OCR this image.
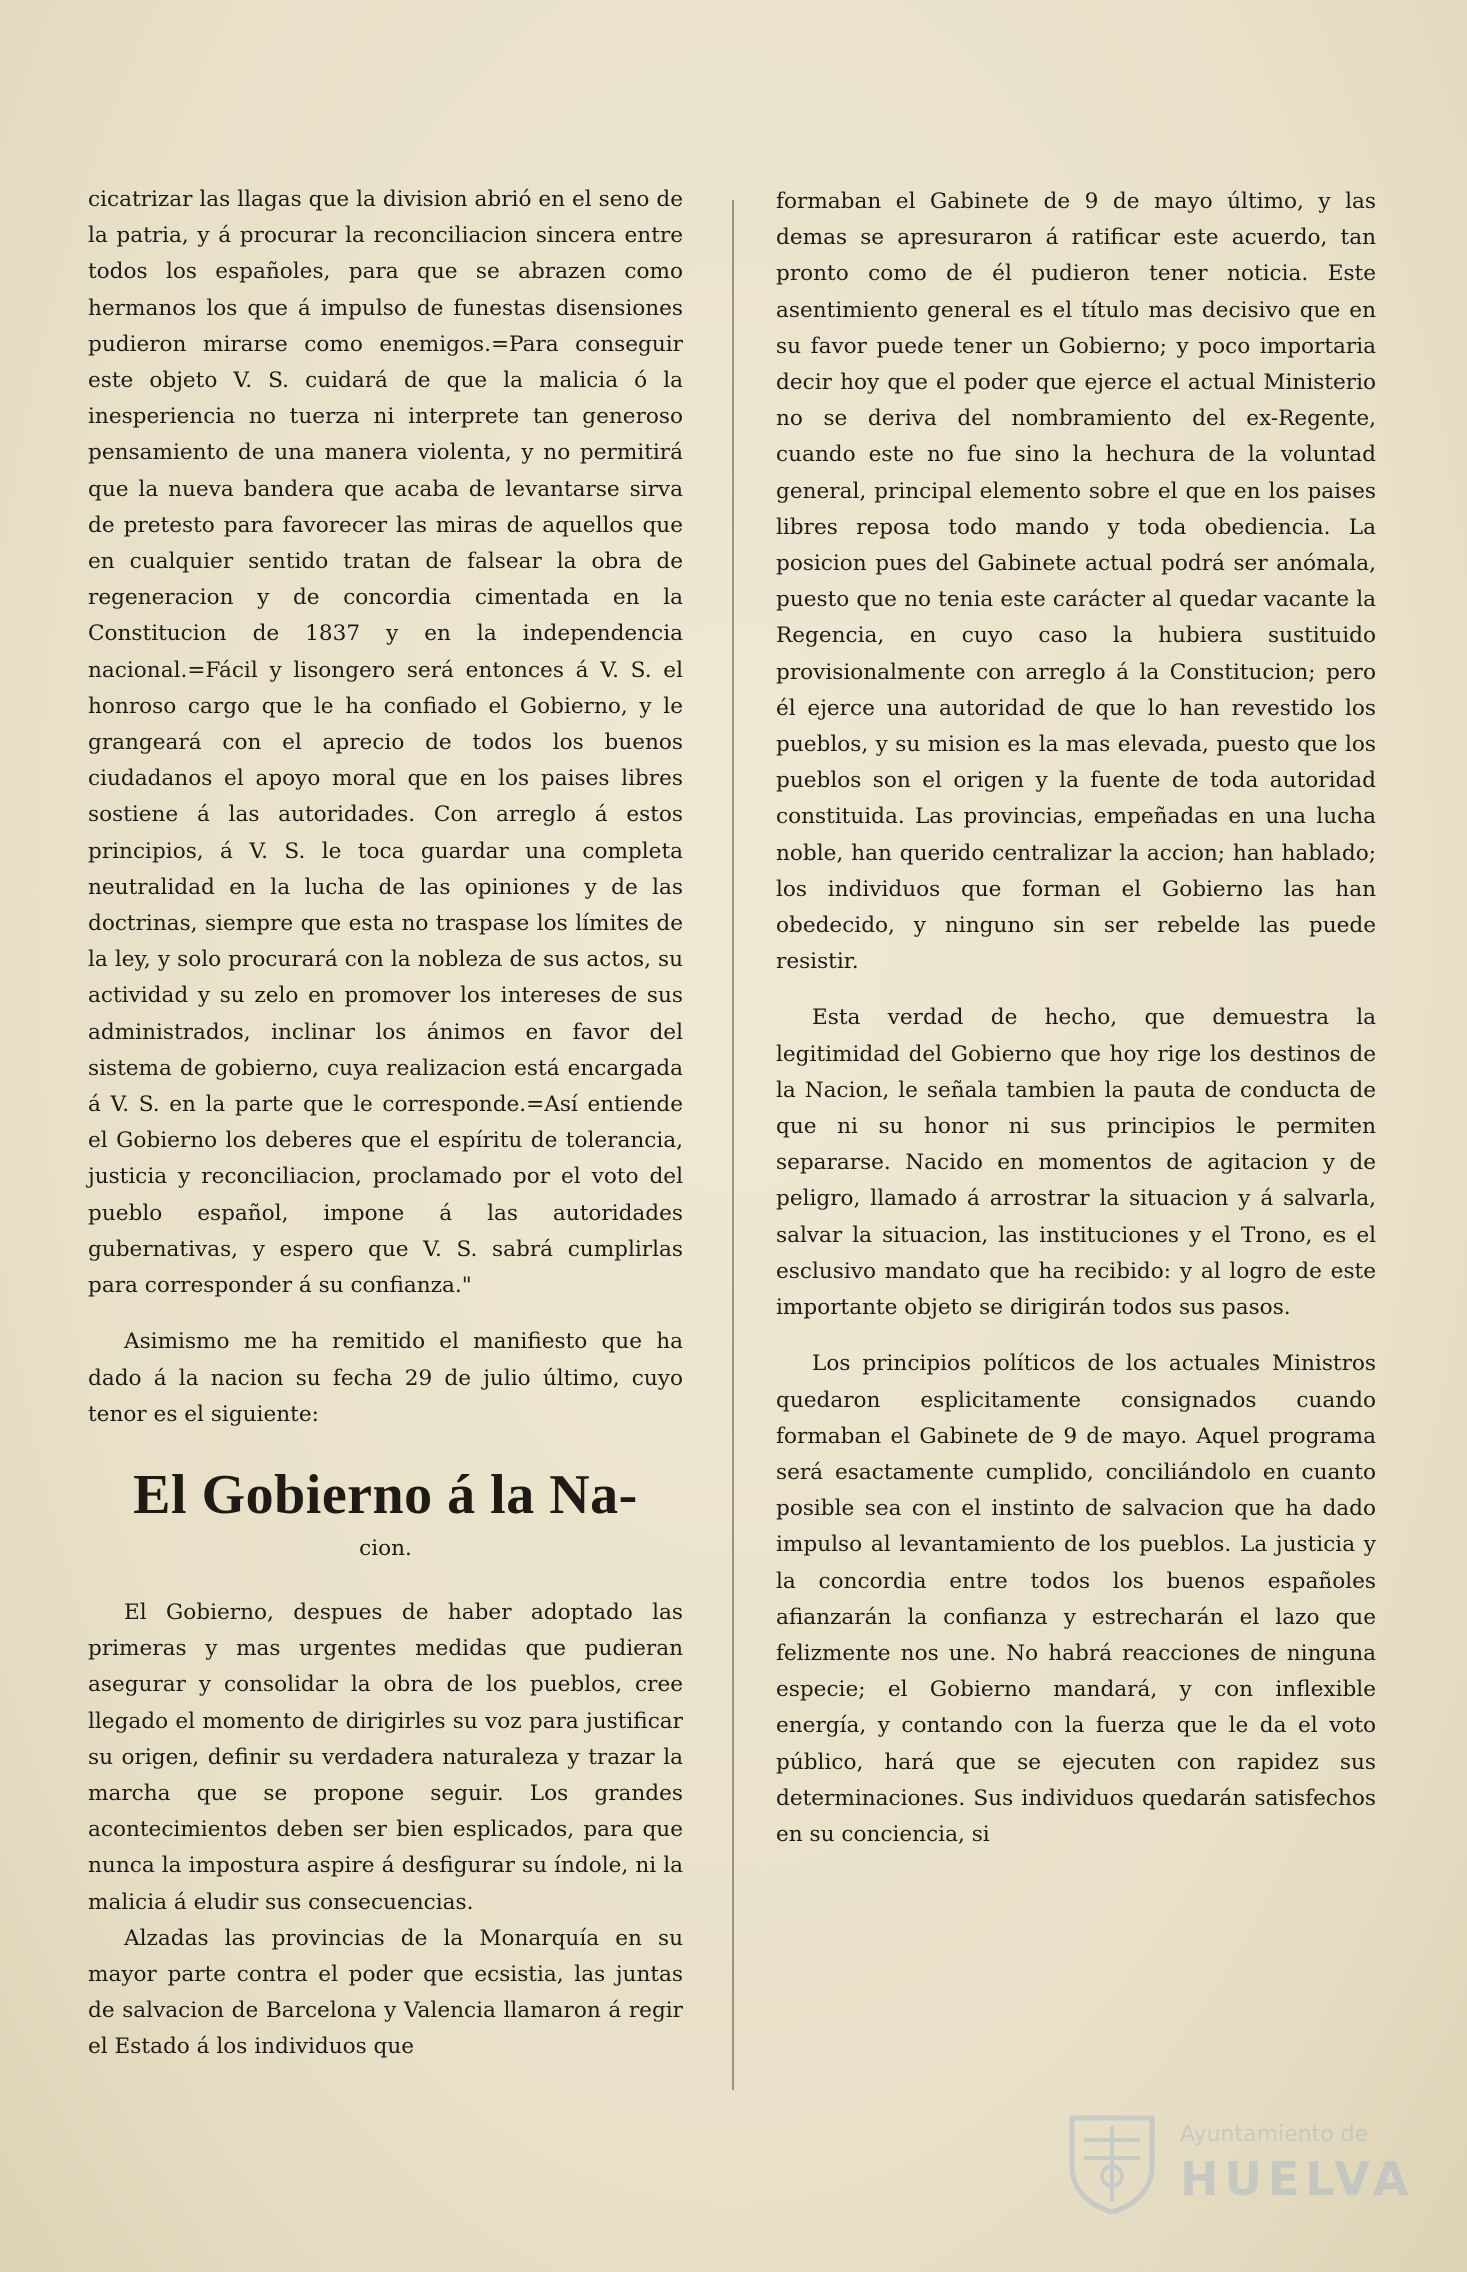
cicatrizar las llagas que la division abrió en el seno de la patria, y á procurar la reconciliacion sincera entre todos los españoles, para que se abrazen como hermanos los que á impulso de funestas disensiones pudieron mirarse como enemigos.=Para conseguir este objeto V. S. cuidará de que la malicia ó la inesperiencia no tuerza ni interprete tan generoso pensamiento de una manera violenta, y no permitirá que la nueva bandera que acaba de levantarse sirva de pretesto para favorecer las miras de aquellos que en cualquier sentido tratan de falsear la obra de regeneracion y de concordia cimentada en la Constitucion de 1837 y en la independencia nacional.=Fácil y lisongero será entonces á V. S. el honroso cargo que le ha confiado el Gobierno, y le grangeará con el aprecio de todos los buenos ciudadanos el apoyo moral que en los paises libres sostiene á las autoridades. Con arreglo á estos principios, á V. S. le toca guardar una completa neutralidad en la lucha de las opiniones y de las doctrinas, siempre que esta no traspase los límites de la ley, y solo procurará con la nobleza de sus actos, su actividad y su zelo en promover los intereses de sus administrados, inclinar los ánimos en favor del sistema de gobierno, cuya realizacion está encargada á V. S. en la parte que le corresponde.=Así entiende el Gobierno los deberes que el espíritu de tolerancia, justicia y reconciliacion, proclamado por el voto del pueblo español, impone á las autoridades gubernativas, y espero que V. S. sabrá cumplirlas para corresponder á su confianza."

Asimismo me ha remitido el manifiesto que ha dado á la nacion su fecha 29 de julio último, cuyo tenor es el siguiente:

El Gobierno á la Na-
cion.

El Gobierno, despues de haber adoptado las primeras y mas urgentes medidas que pudieran asegurar y consolidar la obra de los pueblos, cree llegado el momento de dirigirles su voz para justificar su origen, definir su verdadera naturaleza y trazar la marcha que se propone seguir. Los grandes acontecimientos deben ser bien esplicados, para que nunca la impostura aspire á desfigurar su índole, ni la malicia á eludir sus consecuencias.

Alzadas las provincias de la Monarquía en su mayor parte contra el poder que ecsistia, las juntas de salvacion de Barcelona y Valencia llamaron á regir el Estado á los individuos que

formaban el Gabinete de 9 de mayo último, y las demas se apresuraron á ratificar este acuerdo, tan pronto como de él pudieron tener noticia. Este asentimiento general es el título mas decisivo que en su favor puede tener un Gobierno; y poco importaria decir hoy que el poder que ejerce el actual Ministerio no se deriva del nombramiento del ex-Regente, cuando este no fue sino la hechura de la voluntad general, principal elemento sobre el que en los paises libres reposa todo mando y toda obediencia. La posicion pues del Gabinete actual podrá ser anómala, puesto que no tenia este carácter al quedar vacante la Regencia, en cuyo caso la hubiera sustituido provisionalmente con arreglo á la Constitucion; pero él ejerce una autoridad de que lo han revestido los pueblos, y su mision es la mas elevada, puesto que los pueblos son el origen y la fuente de toda autoridad constituida. Las provincias, empeñadas en una lucha noble, han querido centralizar la accion; han hablado; los individuos que forman el Gobierno las han obedecido, y ninguno sin ser rebelde las puede resistir.

Esta verdad de hecho, que demuestra la legitimidad del Gobierno que hoy rige los destinos de la Nacion, le señala tambien la pauta de conducta de que ni su honor ni sus principios le permiten separarse. Nacido en momentos de agitacion y de peligro, llamado á arrostrar la situacion y á salvarla, salvar la situacion, las instituciones y el Trono, es el esclusivo mandato que ha recibido: y al logro de este importante objeto se dirigirán todos sus pasos.

Los principios políticos de los actuales Ministros quedaron esplicitamente consignados cuando formaban el Gabinete de 9 de mayo. Aquel programa será esactamente cumplido, conciliándolo en cuanto posible sea con el instinto de salvacion que ha dado impulso al levantamiento de los pueblos. La justicia y la concordia entre todos los buenos españoles afianzarán la confianza y estrecharán el lazo que felizmente nos une. No habrá reacciones de ninguna especie; el Gobierno mandará, y con inflexible energía, y contando con la fuerza que le da el voto público, hará que se ejecuten con rapidez sus determinaciones. Sus individuos quedarán satisfechos en su conciencia, si

Ayuntamiento de
HUELVA
